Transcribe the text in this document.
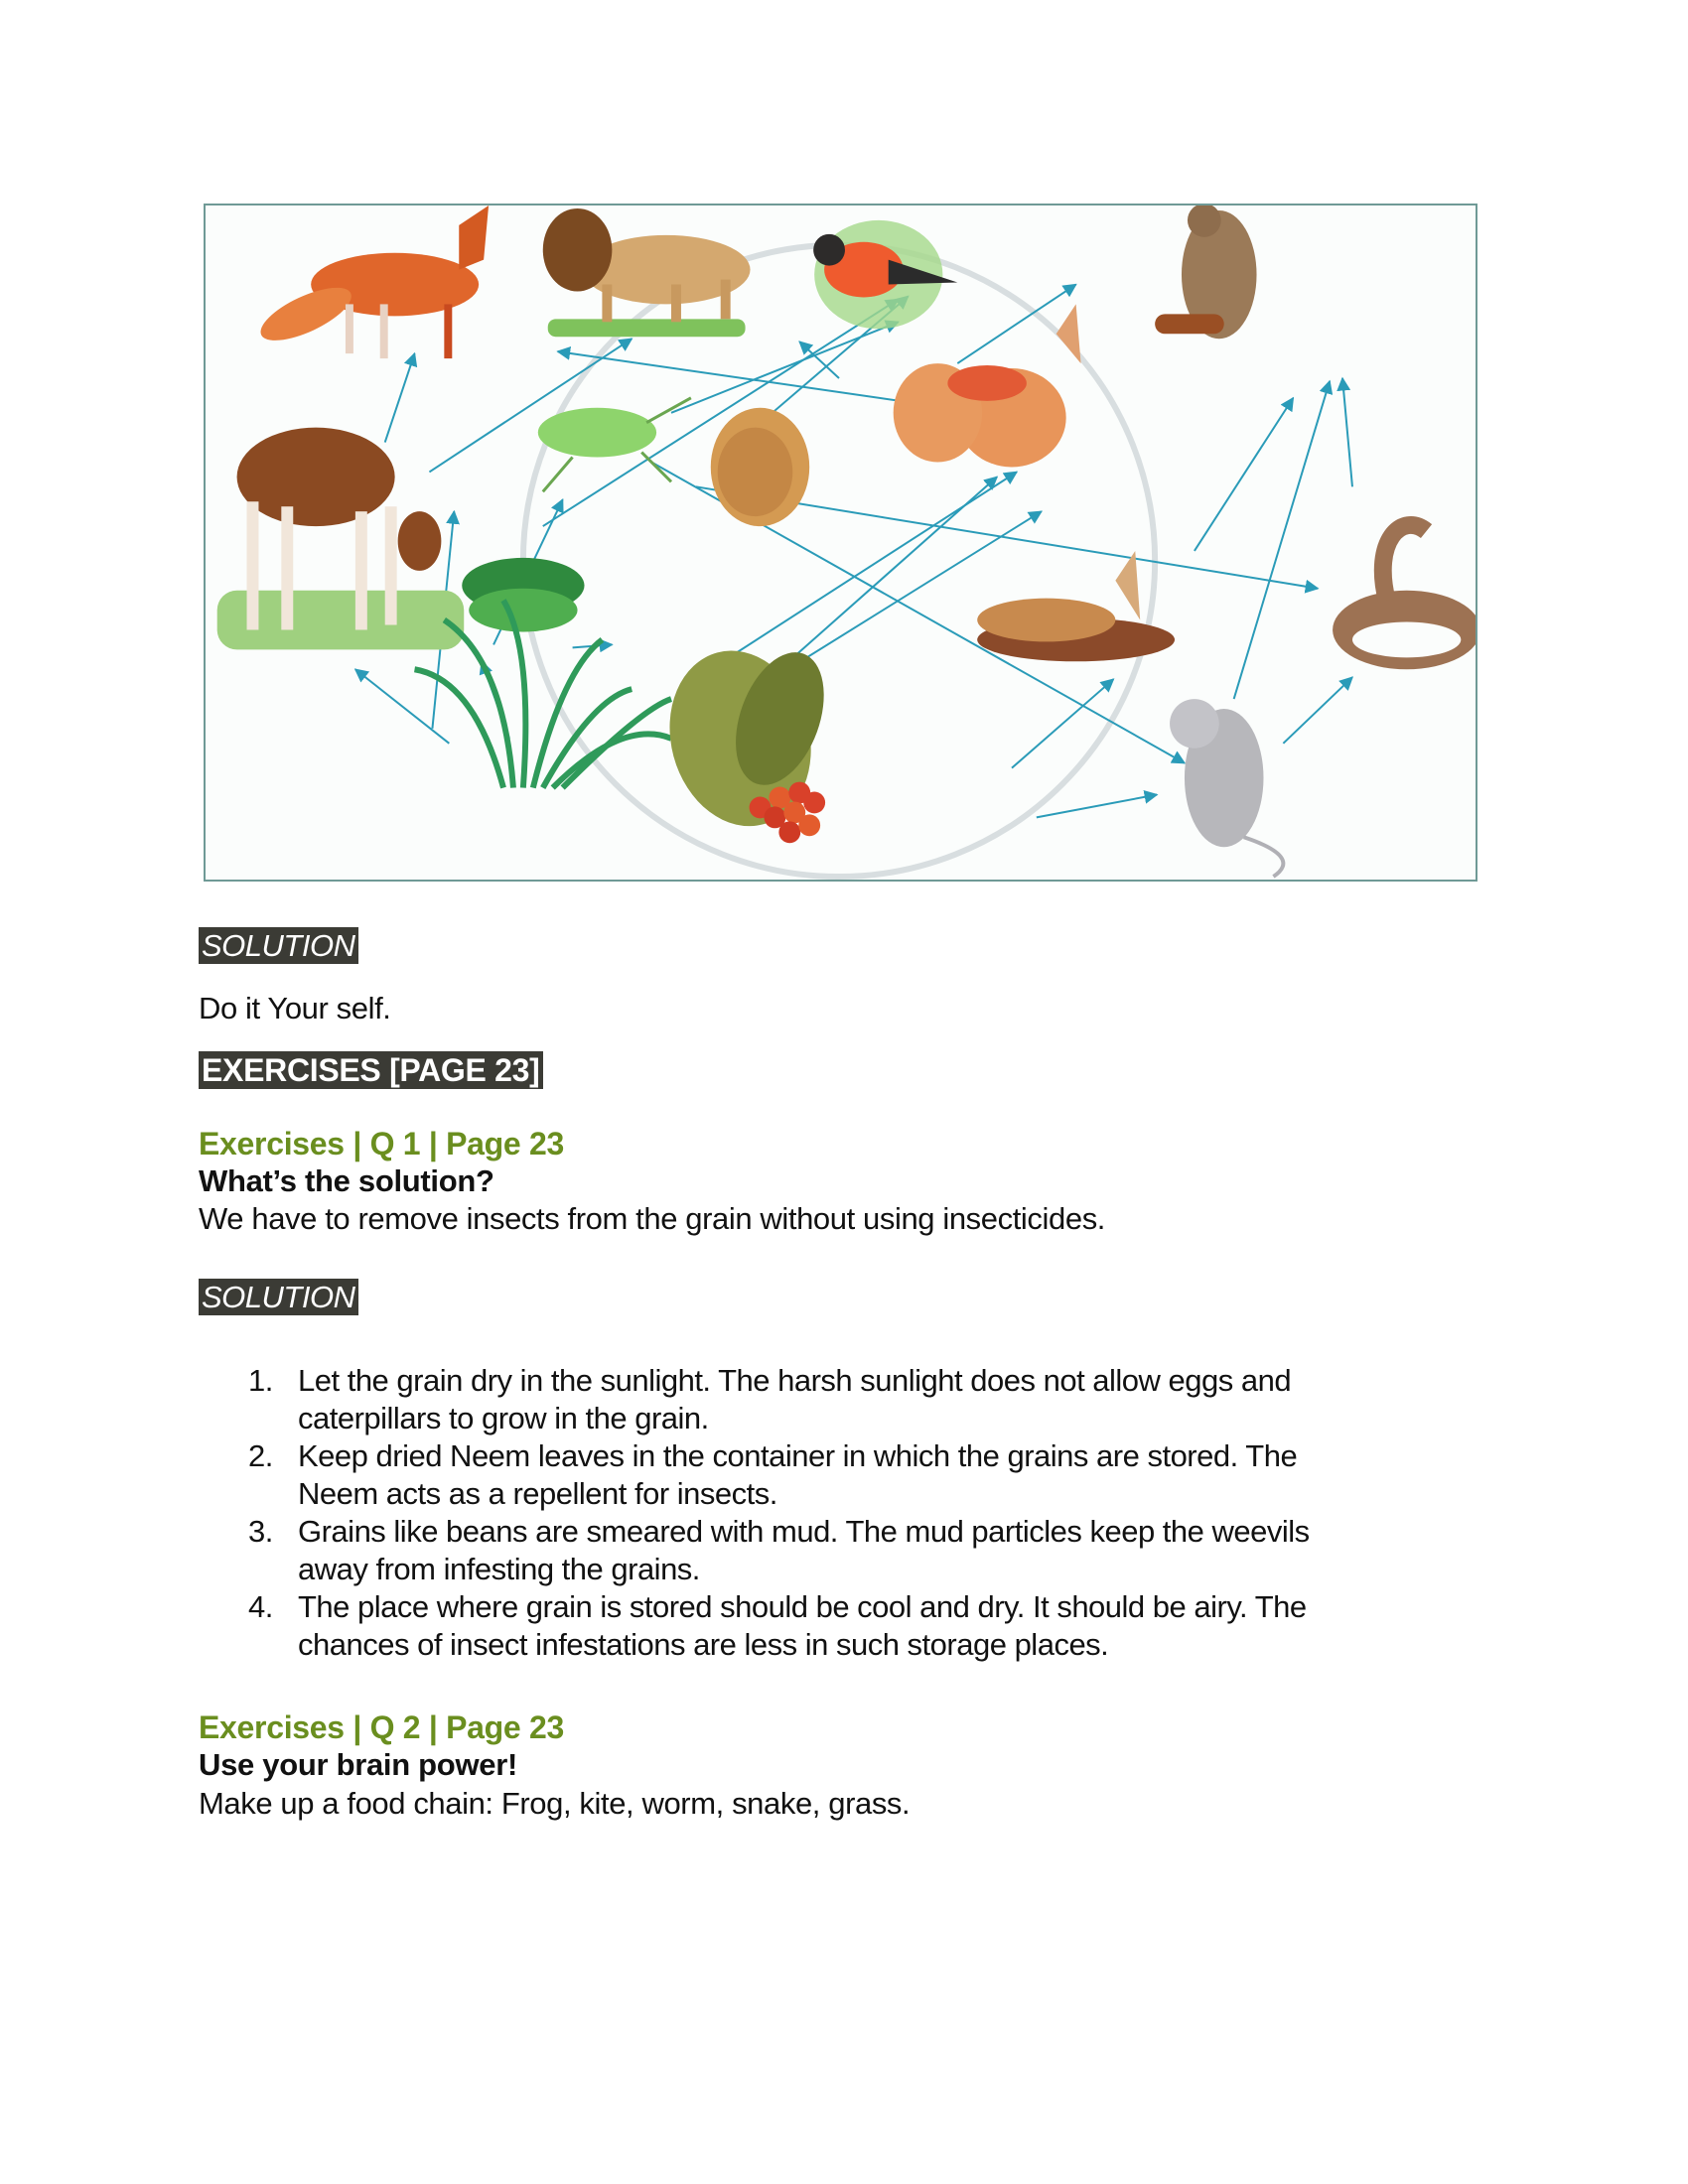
SOLUTION
Do it Your self.
EXERCISES [PAGE 23]
Exercises | Q 1 | Page 23
What’s the solution?
We have to remove insects from the grain without using insecticides.
SOLUTION
1. Let the grain dry in the sunlight. The harsh sunlight does not allow eggs and
caterpillars to grow in the grain.
2. Keep dried Neem leaves in the container in which the grains are stored. The
Neem acts as a repellent for insects.
3. Grains like beans are smeared with mud. The mud particles keep the weevils
away from infesting the grains.
4. The place where grain is stored should be cool and dry. It should be airy. The
chances of insect infestations are less in such storage places.
Exercises | Q 2 | Page 23
Use your brain power!
Make up a food chain: Frog, kite, worm, snake, grass.
